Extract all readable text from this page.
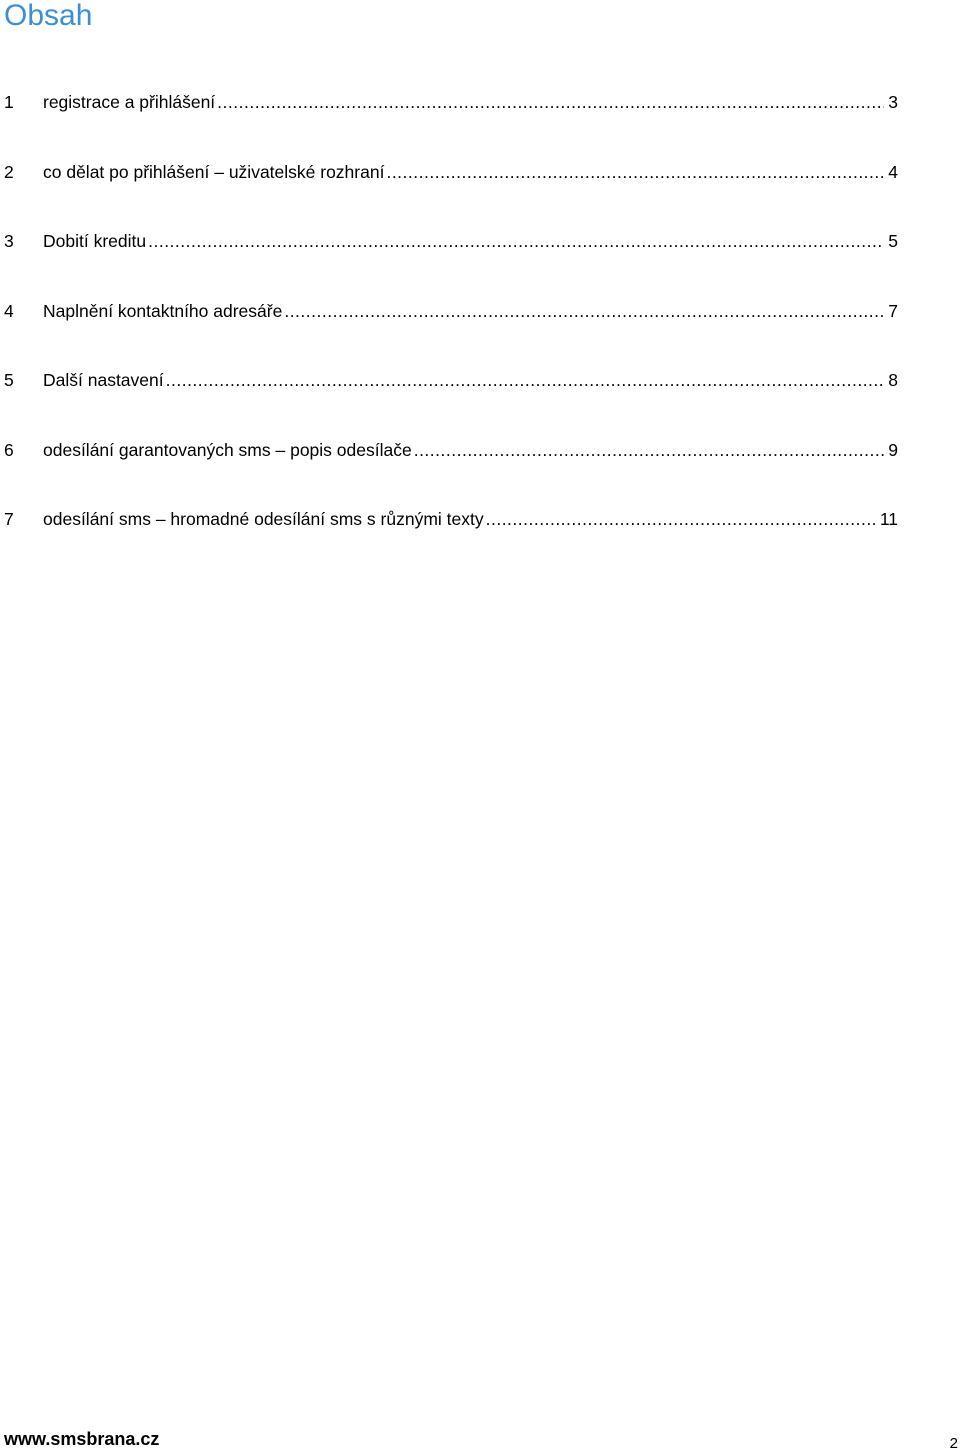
Obsah
1 registrace a přihlášení .....	3
2 co dělat po přihlášení – uživatelské rozhraní .....	4
3 Dobití kreditu .....	5
4 Naplnění kontaktního adresáře .....	7
5 Další nastavení .....	8
6 odesílání garantovaných sms – popis odesílače .....	9
7 odesílání sms – hromadné odesílání sms s různými texty .....	11
www.smsbrana.cz	2
